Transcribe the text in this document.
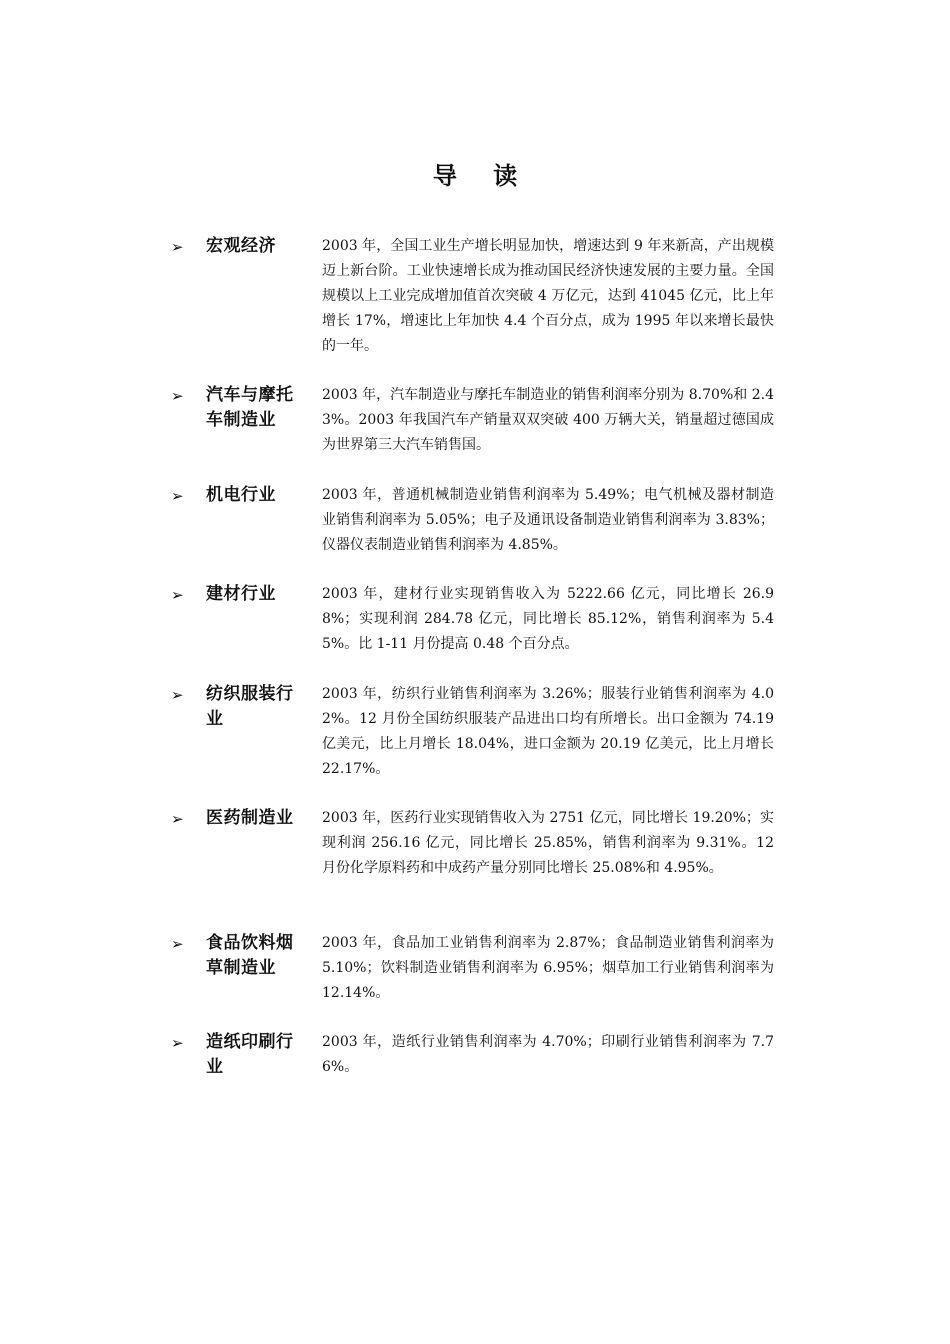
导 读
➢	宏观经济	2003 年，全国工业生产增长明显加快，增速达到 9 年来新高，产出规模迈上新台阶。工业快速增长成为推动国民经济快速发展的主要力量。全国规模以上工业完成增加值首次突破 4 万亿元，达到 41045 亿元，比上年增长 17%，增速比上年加快 4.4 个百分点，成为 1995 年以来增长最快的一年。
➢	汽车与摩托车制造业
2003 年，汽车制造业与摩托车制造业的销售利润率分别为 8.70%和 2.43%。2003 年我国汽车产销量双双突破 400 万辆大关，销量超过德国成为世界第三大汽车销售国。
➢	机电行业	2003 年，普通机械制造业销售利润率为 5.49%；电气机械及器材制造业销售利润率为 5.05%；电子及通讯设备制造业销售利润率为 3.83%；仪器仪表制造业销售利润率为 4.85%。
➢	建材行业	2003 年，建材行业实现销售收入为 5222.66 亿元，同比增长 26.98%；实现利润 284.78 亿元，同比增长 85.12%，销售利润率为 5.45%。比 1-11 月份提高 0.48 个百分点。
➢	纺织服装行业
2003 年，纺织行业销售利润率为 3.26%；服装行业销售利润率为 4.02%。12 月份全国纺织服装产品进出口均有所增长。出口金额为 74.19 亿美元，比上月增长 18.04%，进口金额为 20.19 亿美元，比上月增长 22.17%。
➢	医药制造业	2003 年，医药行业实现销售收入为 2751 亿元，同比增长 19.20%；实现利润 256.16 亿元，同比增长 25.85%，销售利润率为 9.31%。12 月份化学原料药和中成药产量分别同比增长 25.08%和 4.95%。
➢	食品饮料烟草制造业
2003 年，食品加工业销售利润率为 2.87%；食品制造业销售利润率为 5.10%；饮料制造业销售利润率为 6.95%；烟草加工行业销售利润率为 12.14%。
➢	造纸印刷行业
2003 年，造纸行业销售利润率为 4.70%；印刷行业销售利润率为 7.76%。
